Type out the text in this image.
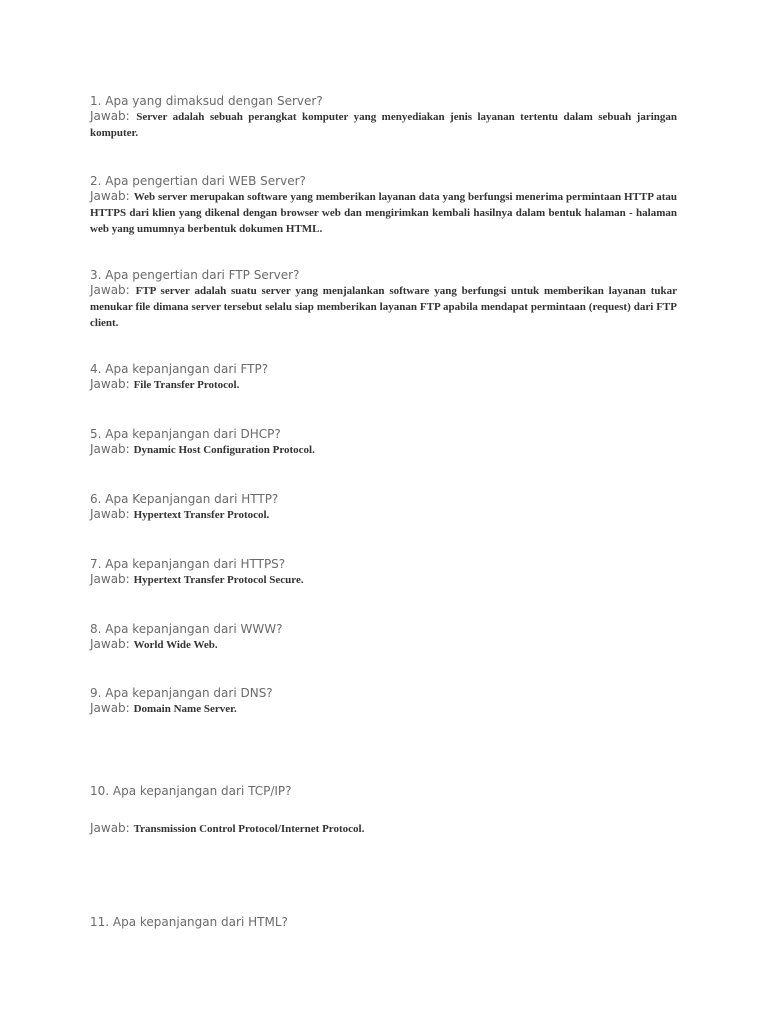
1. Apa yang dimaksud dengan Server?
Jawab: Server adalah sebuah perangkat komputer yang menyediakan jenis layanan tertentu dalam sebuah jaringan komputer.
2. Apa pengertian dari WEB Server?
Jawab: Web server merupakan software yang memberikan layanan data yang berfungsi menerima permintaan HTTP atau HTTPS dari klien yang dikenal dengan browser web dan mengirimkan kembali hasilnya dalam bentuk halaman - halaman web yang umumnya berbentuk dokumen HTML.
3. Apa pengertian dari FTP Server?
Jawab: FTP server adalah suatu server yang menjalankan software yang berfungsi untuk memberikan layanan tukar menukar file dimana server tersebut selalu siap memberikan layanan FTP apabila mendapat permintaan (request) dari FTP client.
4. Apa kepanjangan dari FTP?
Jawab: File Transfer Protocol.
5. Apa kepanjangan dari DHCP?
Jawab: Dynamic Host Configuration Protocol.
6. Apa Kepanjangan dari HTTP?
Jawab: Hypertext Transfer Protocol.
7. Apa kepanjangan dari HTTPS?
Jawab: Hypertext Transfer Protocol Secure.
8. Apa kepanjangan dari WWW?
Jawab: World Wide Web.
9. Apa kepanjangan dari DNS?
Jawab: Domain Name Server.
10. Apa kepanjangan dari TCP/IP?
Jawab: Transmission Control Protocol/Internet Protocol.
11. Apa kepanjangan dari HTML?
